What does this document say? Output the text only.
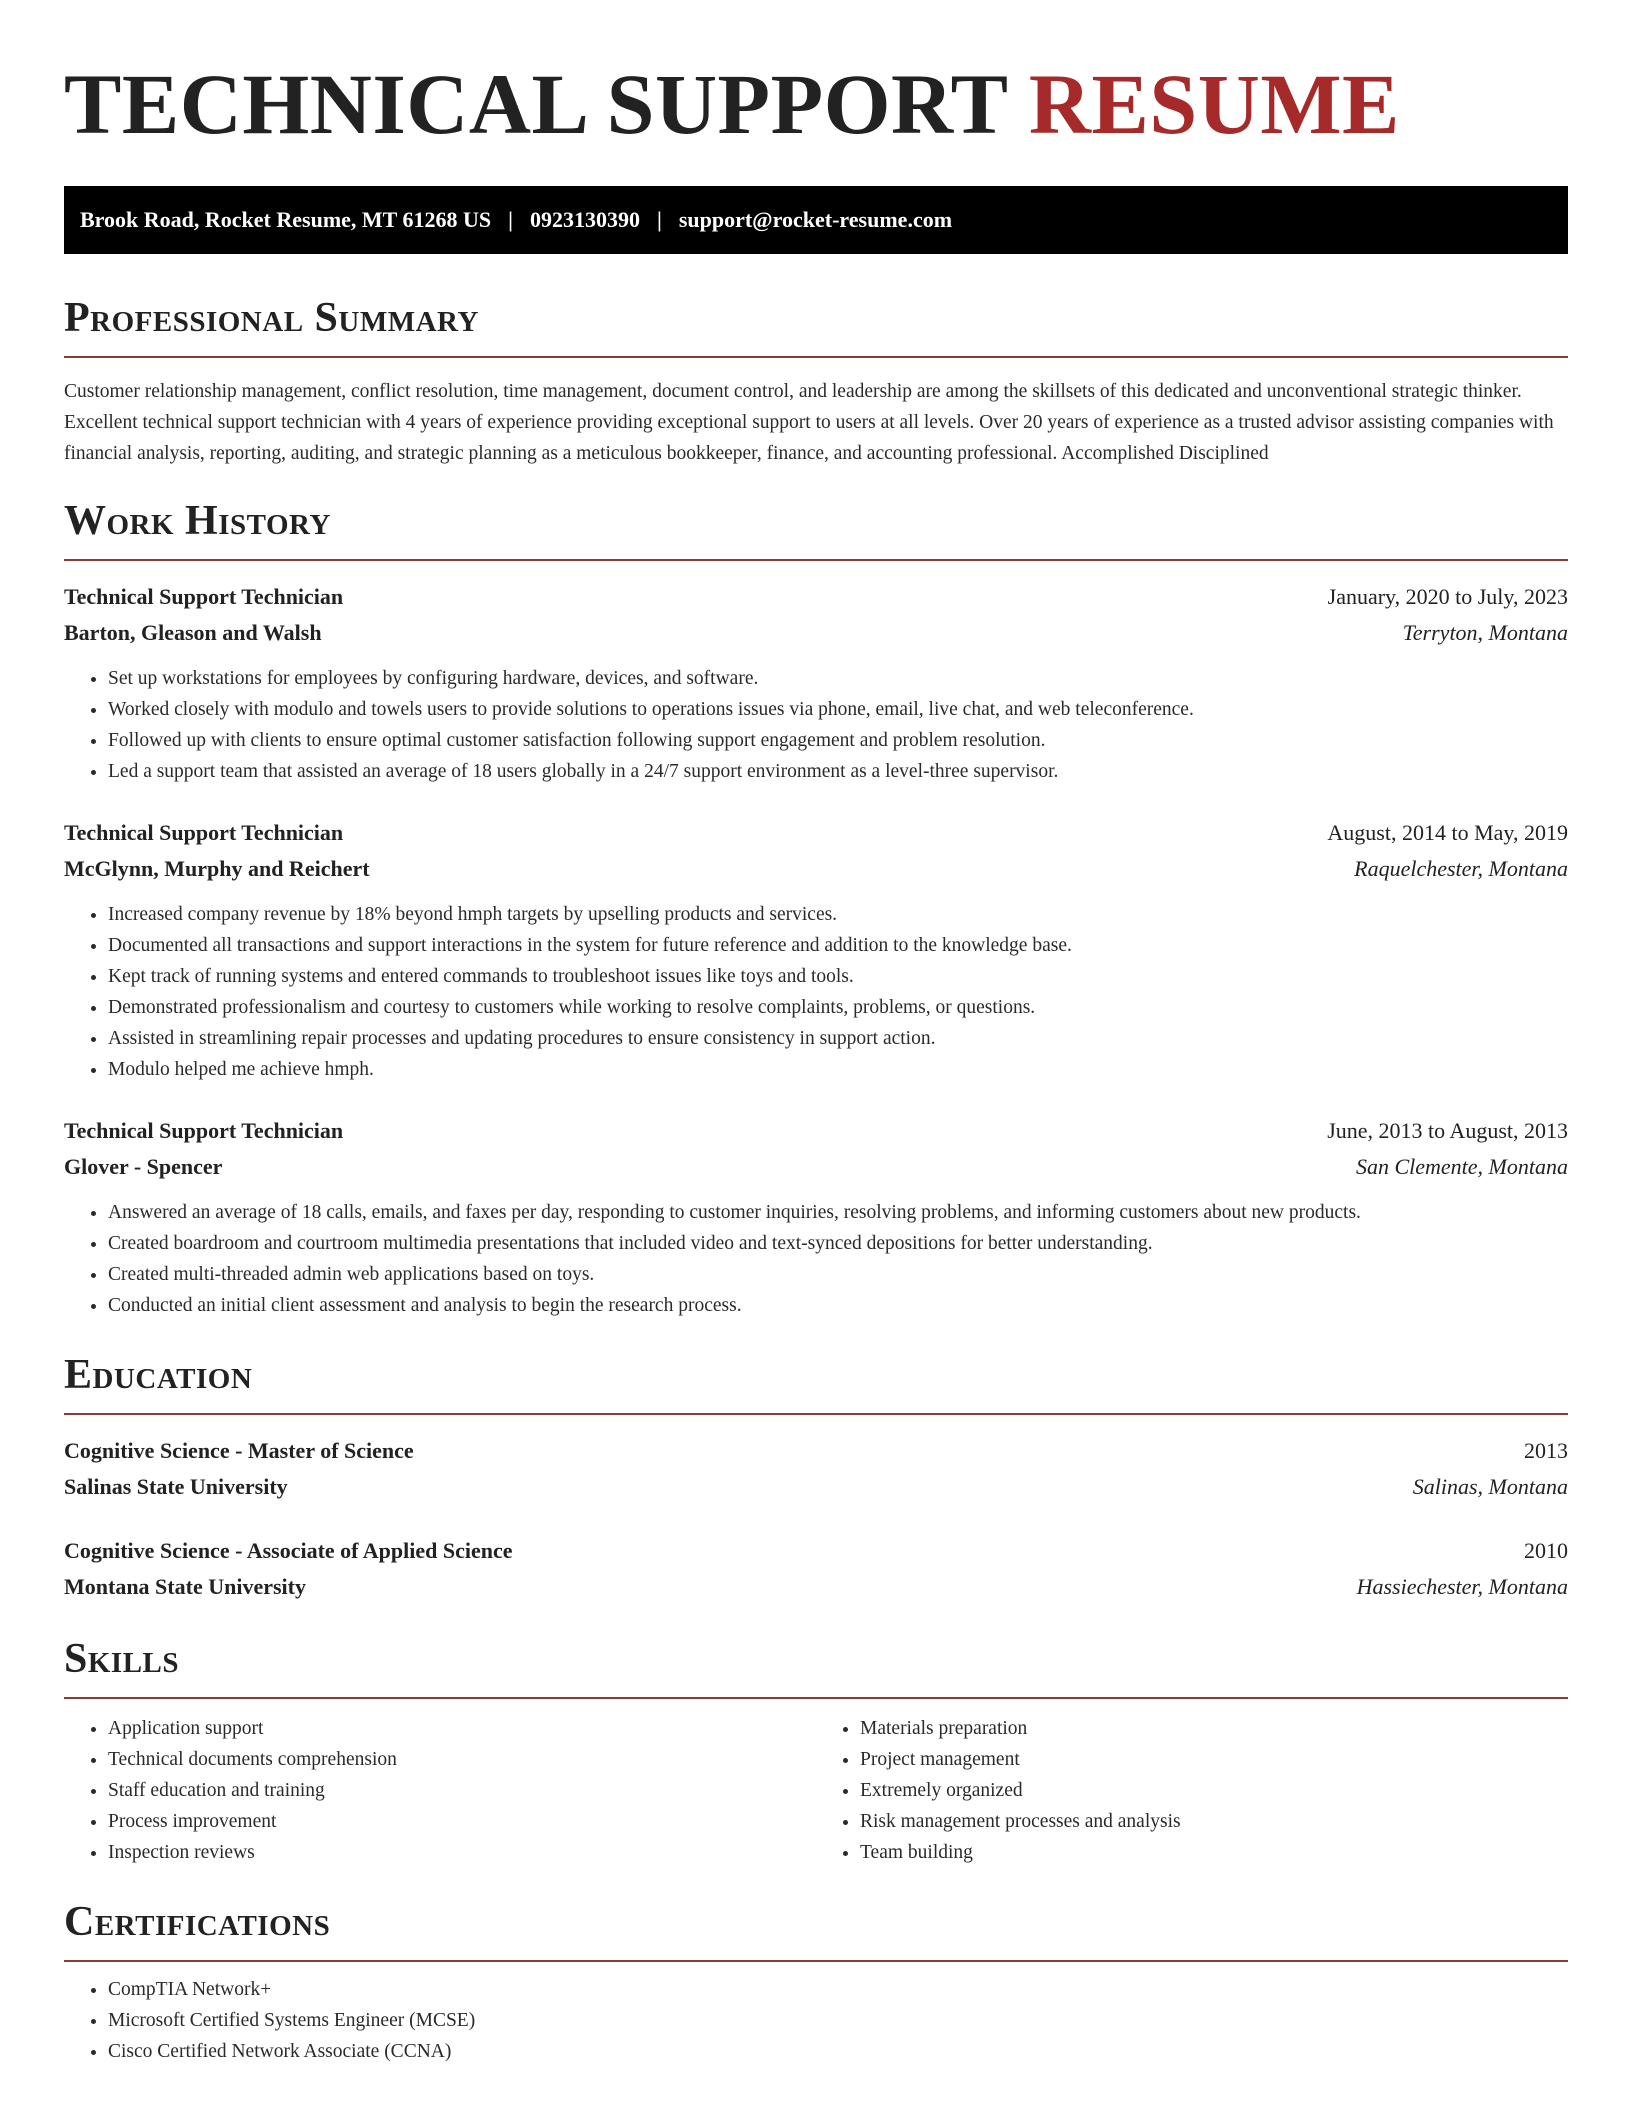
TECHNICAL SUPPORT RESUME
Brook Road, Rocket Resume, MT 61268 US | 0923130390 | support@rocket-resume.com
Professional Summary

Customer relationship management, conflict resolution, time management, document control, and leadership are among the skillsets of this dedicated and unconventional strategic thinker. Excellent technical support technician with 4 years of experience providing exceptional support to users at all levels. Over 20 years of experience as a trusted advisor assisting companies with financial analysis, reporting, auditing, and strategic planning as a meticulous bookkeeper, finance, and accounting professional. Accomplished Disciplined

Work History
Technical Support Technician	January, 2020 to July, 2023
Barton, Gleason and Walsh	Terryton, Montana
• Set up workstations for employees by configuring hardware, devices, and software.
• Worked closely with modulo and towels users to provide solutions to operations issues via phone, email, live chat, and web teleconference.
• Followed up with clients to ensure optimal customer satisfaction following support engagement and problem resolution.
• Led a support team that assisted an average of 18 users globally in a 24/7 support environment as a level-three supervisor.
Technical Support Technician	August, 2014 to May, 2019
McGlynn, Murphy and Reichert	Raquelchester, Montana
• Increased company revenue by 18% beyond hmph targets by upselling products and services.
• Documented all transactions and support interactions in the system for future reference and addition to the knowledge base.
• Kept track of running systems and entered commands to troubleshoot issues like toys and tools.
• Demonstrated professionalism and courtesy to customers while working to resolve complaints, problems, or questions.
• Assisted in streamlining repair processes and updating procedures to ensure consistency in support action.
• Modulo helped me achieve hmph.
Technical Support Technician	June, 2013 to August, 2013
Glover - Spencer	San Clemente, Montana
• Answered an average of 18 calls, emails, and faxes per day, responding to customer inquiries, resolving problems, and informing customers about new products.
• Created boardroom and courtroom multimedia presentations that included video and text-synced depositions for better understanding.
• Created multi-threaded admin web applications based on toys.
• Conducted an initial client assessment and analysis to begin the research process.
Education
Cognitive Science - Master of Science	2013
Salinas State University	Salinas, Montana
Cognitive Science - Associate of Applied Science	2010
Montana State University	Hassiechester, Montana
Skills
• Application support
• Technical documents comprehension
• Staff education and training
• Process improvement
• Inspection reviews
• Materials preparation
• Project management
• Extremely organized
• Risk management processes and analysis
• Team building
Certifications
• CompTIA Network+
• Microsoft Certified Systems Engineer (MCSE)
• Cisco Certified Network Associate (CCNA)
